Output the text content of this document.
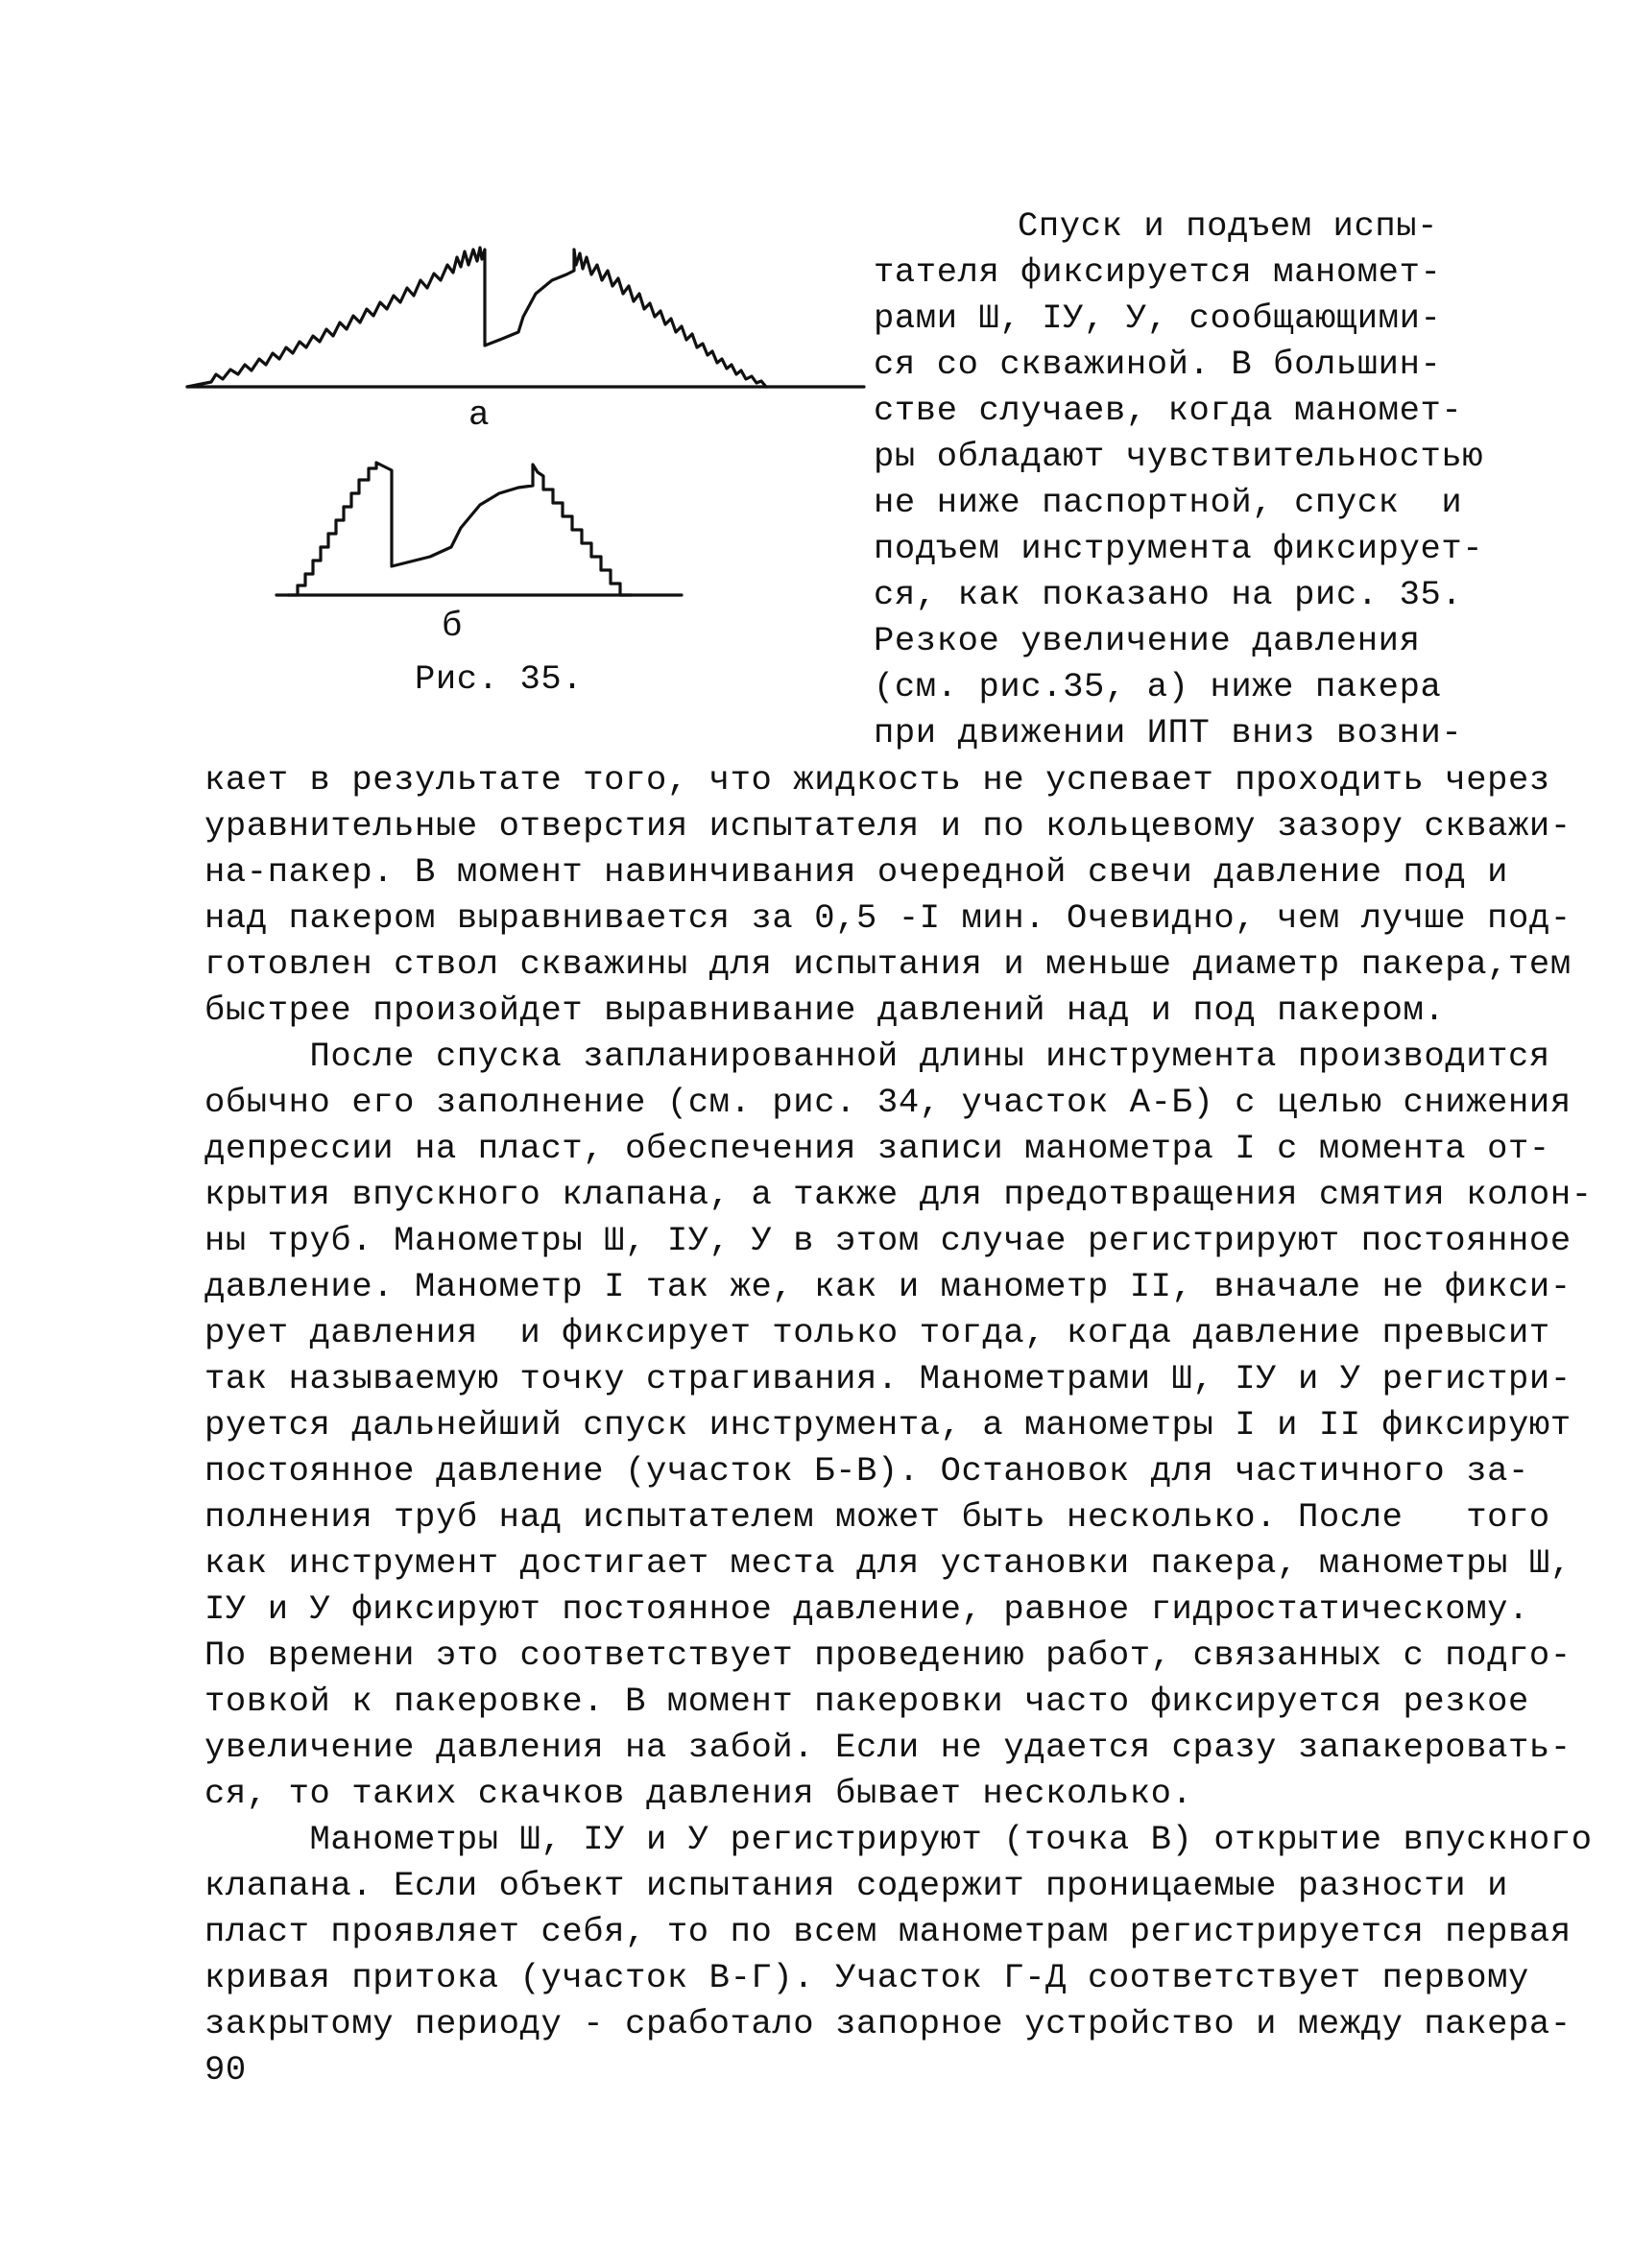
a
б
Рис. 35.
Спуск и подъем испы-
тателя фиксируется маномет-
рами Ш, IУ, У, сообщающими-
ся со скважиной. В большин-
стве случаев, когда маномет-
ры обладают чувствительностью
не ниже паспортной, спуск  и
подъем инструмента фиксирует-
ся, как показано на рис. 35.
Резкое увеличение давления
(см. рис.35, а) ниже пакера
при движении ИПТ вниз возни-
кает в результате того, что жидкость не успевает проходить через
уравнительные отверстия испытателя и по кольцевому зазору скважи-
на-пакер. В момент навинчивания очередной свечи давление под и
над пакером выравнивается за 0,5 -I мин. Очевидно, чем лучше под-
готовлен ствол скважины для испытания и меньше диаметр пакера,тем
быстрее произойдет выравнивание давлений над и под пакером.
После спуска запланированной длины инструмента производится
обычно его заполнение (см. рис. 34, участок А-Б) с целью снижения
депрессии на пласт, обеспечения записи манометра I с момента от-
крытия впускного клапана, а также для предотвращения смятия колон-
ны труб. Манометры Ш, IУ, У в этом случае регистрируют постоянное
давление. Манометр I так же, как и манометр II, вначале не фикси-
рует давления  и фиксирует только тогда, когда давление превысит
так называемую точку страгивания. Манометрами Ш, IУ и У регистри-
руется дальнейший спуск инструмента, а манометры I и II фиксируют
постоянное давление (участок Б-В). Остановок для частичного за-
полнения труб над испытателем может быть несколько. После   того
как инструмент достигает места для установки пакера, манометры Ш,
IУ и У фиксируют постоянное давление, равное гидростатическому.
По времени это соответствует проведению работ, связанных с подго-
товкой к пакеровке. В момент пакеровки часто фиксируется резкое
увеличение давления на забой. Если не удается сразу запакеровать-
ся, то таких скачков давления бывает несколько.
Манометры Ш, IУ и У регистрируют (точка В) открытие впускного
клапана. Если объект испытания содержит проницаемые разности и
пласт проявляет себя, то по всем манометрам регистрируется первая
кривая притока (участок В-Г). Участок Г-Д соответствует первому
закрытому периоду - сработало запорное устройство и между пакера-
90
